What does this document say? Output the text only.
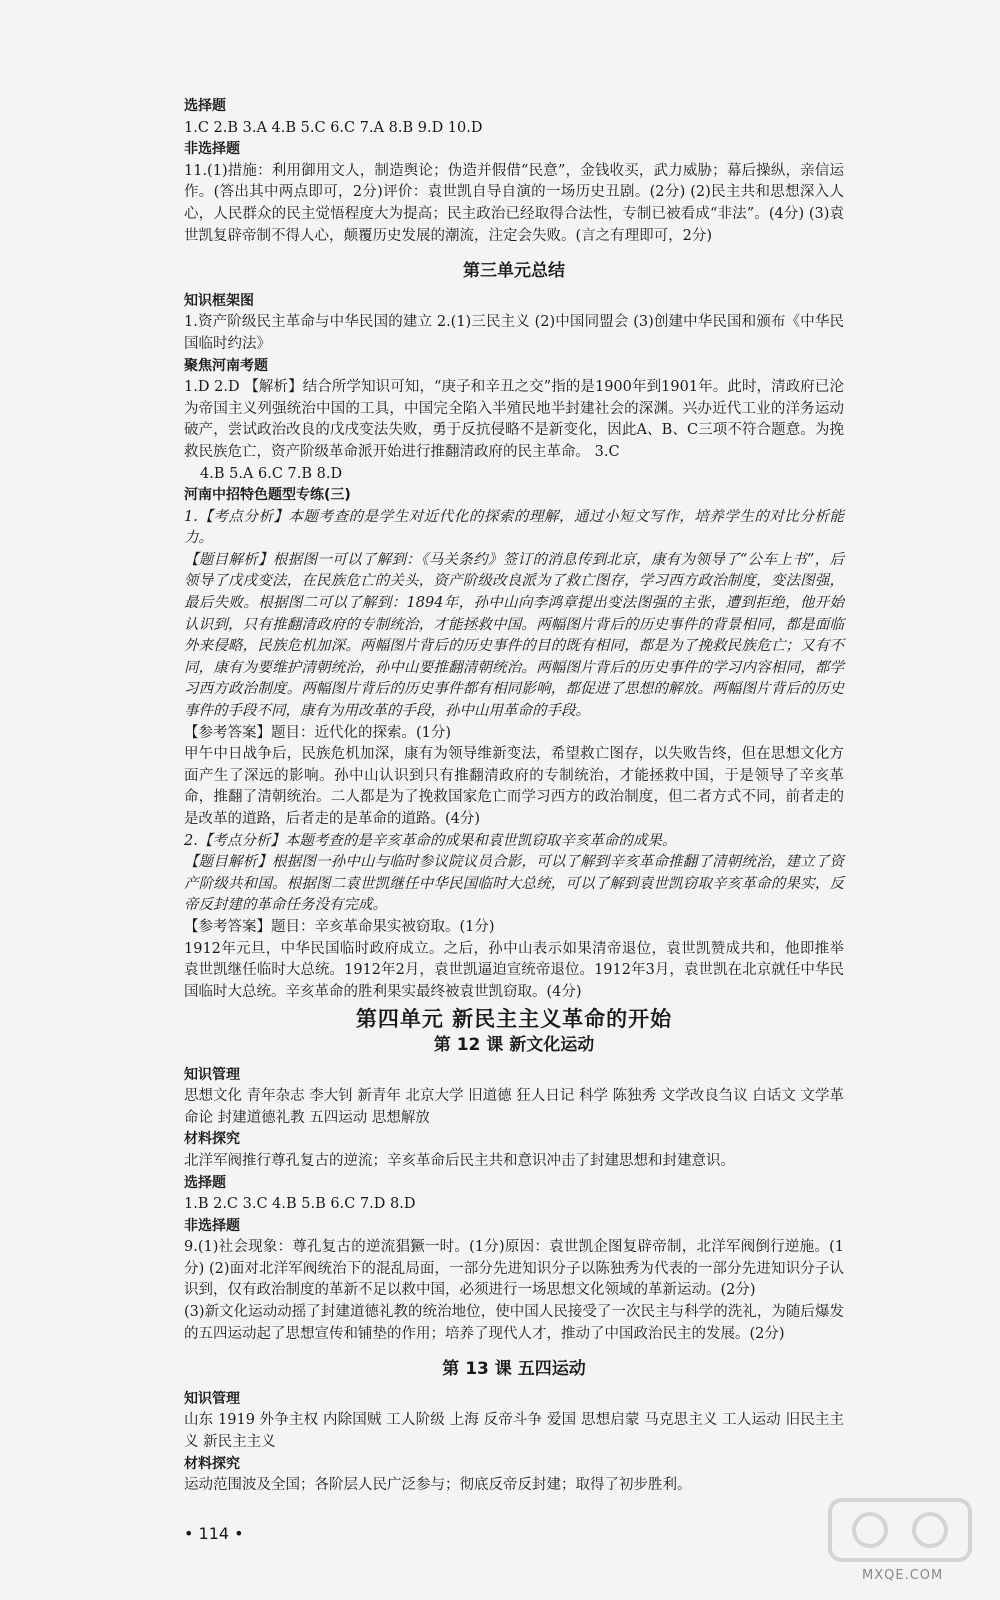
选择题

1.C 2.B 3.A 4.B 5.C 6.C 7.A 8.B 9.D 10.D

非选择题

11.(1)措施：利用御用文人，制造舆论；伪造并假借“民意”，金钱收买，武力威胁；幕后操纵，亲信运作。(答出其中两点即可，2分)评价：袁世凯自导自演的一场历史丑剧。(2分) (2)民主共和思想深入人心，人民群众的民主觉悟程度大为提高；民主政治已经取得合法性，专制已被看成“非法”。(4分) (3)袁世凯复辟帝制不得人心，颠覆历史发展的潮流，注定会失败。(言之有理即可，2分)

第三单元总结

知识框架图

1.资产阶级民主革命与中华民国的建立 2.(1)三民主义 (2)中国同盟会 (3)创建中华民国和颁布《中华民国临时约法》

聚焦河南考题

1.D 2.D 【解析】结合所学知识可知，“庚子和辛丑之交”指的是1900年到1901年。此时，清政府已沦为帝国主义列强统治中国的工具，中国完全陷入半殖民地半封建社会的深渊。兴办近代工业的洋务运动破产，尝试政治改良的戊戌变法失败，勇于反抗侵略不是新变化，因此A、B、C三项不符合题意。为挽救民族危亡，资产阶级革命派开始进行推翻清政府的民主革命。 3.C

4.B 5.A 6.C 7.B 8.D

河南中招特色题型专练(三)

1.【考点分析】本题考查的是学生对近代化的探索的理解，通过小短文写作，培养学生的对比分析能力。

【题目解析】根据图一可以了解到：《马关条约》签订的消息传到北京，康有为领导了“公车上书”，后领导了戊戌变法，在民族危亡的关头，资产阶级改良派为了救亡图存，学习西方政治制度，变法图强，最后失败。根据图二可以了解到：1894年，孙中山向李鸿章提出变法图强的主张，遭到拒绝，他开始认识到，只有推翻清政府的专制统治，才能拯救中国。两幅图片背后的历史事件的背景相同，都是面临外来侵略，民族危机加深。两幅图片背后的历史事件的目的既有相同，都是为了挽救民族危亡；又有不同，康有为要维护清朝统治，孙中山要推翻清朝统治。两幅图片背后的历史事件的学习内容相同，都学习西方政治制度。两幅图片背后的历史事件都有相同影响，都促进了思想的解放。两幅图片背后的历史事件的手段不同，康有为用改革的手段，孙中山用革命的手段。

【参考答案】题目：近代化的探索。(1分)

甲午中日战争后，民族危机加深，康有为领导维新变法，希望救亡图存，以失败告终，但在思想文化方面产生了深远的影响。孙中山认识到只有推翻清政府的专制统治，才能拯救中国，于是领导了辛亥革命，推翻了清朝统治。二人都是为了挽救国家危亡而学习西方的政治制度，但二者方式不同，前者走的是改革的道路，后者走的是革命的道路。(4分)

2.【考点分析】本题考查的是辛亥革命的成果和袁世凯窃取辛亥革命的成果。

【题目解析】根据图一孙中山与临时参议院议员合影，可以了解到辛亥革命推翻了清朝统治，建立了资产阶级共和国。根据图二袁世凯继任中华民国临时大总统，可以了解到袁世凯窃取辛亥革命的果实，反帝反封建的革命任务没有完成。

【参考答案】题目：辛亥革命果实被窃取。(1分)

1912年元旦，中华民国临时政府成立。之后，孙中山表示如果清帝退位，袁世凯赞成共和，他即推举袁世凯继任临时大总统。1912年2月，袁世凯逼迫宣统帝退位。1912年3月，袁世凯在北京就任中华民国临时大总统。辛亥革命的胜利果实最终被袁世凯窃取。(4分)

第四单元 新民主主义革命的开始
第 12 课 新文化运动

知识管理

思想文化 青年杂志 李大钊 新青年 北京大学 旧道德 狂人日记 科学 陈独秀 文学改良刍议 白话文 文学革命论 封建道德礼教 五四运动 思想解放

材料探究

北洋军阀推行尊孔复古的逆流；辛亥革命后民主共和意识冲击了封建思想和封建意识。

选择题

1.B 2.C 3.C 4.B 5.B 6.C 7.D 8.D

非选择题

9.(1)社会现象：尊孔复古的逆流猖獗一时。(1分)原因：袁世凯企图复辟帝制，北洋军阀倒行逆施。(1分) (2)面对北洋军阀统治下的混乱局面，一部分先进知识分子以陈独秀为代表的一部分先进知识分子认识到，仅有政治制度的革新不足以救中国，必须进行一场思想文化领域的革新运动。(2分)

(3)新文化运动动摇了封建道德礼教的统治地位，使中国人民接受了一次民主与科学的洗礼，为随后爆发的五四运动起了思想宣传和铺垫的作用；培养了现代人才，推动了中国政治民主的发展。(2分)

第 13 课 五四运动

知识管理

山东 1919 外争主权 内除国贼 工人阶级 上海 反帝斗争 爱国 思想启蒙 马克思主义 工人运动 旧民主主义 新民主主义

材料探究

运动范围波及全国；各阶层人民广泛参与；彻底反帝反封建；取得了初步胜利。

• 114 •
MXQE.COM
